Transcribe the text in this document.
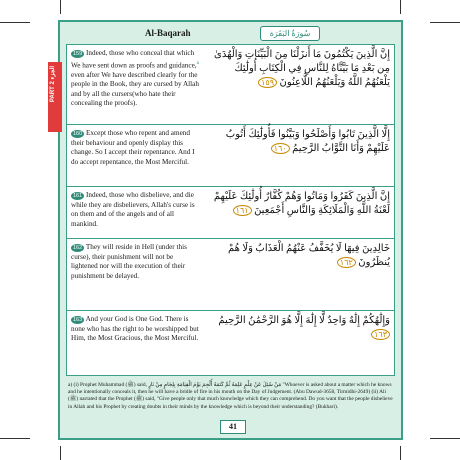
Al-Baqarah	سُورَةُ البَقَرَة
PART 2 الجزء
159 Indeed, those who conceal that which We have sent down as proofs and guidance,$^a$ even after We have described clearly for the people in the Book, they are cursed by Allah and by all the cursers(who hate their concealing the proofs).
إِنَّ الَّذِينَ يَكْتُمُونَ مَا أَنزَلْنَا مِنَ الْبَيِّنَاتِ وَالْهُدَىٰ مِن بَعْدِ مَا بَيَّنَّاهُ لِلنَّاسِ فِي الْكِتَابِ أُولَٰئِكَ يَلْعَنُهُمُ اللَّهُ وَيَلْعَنُهُمُ اللَّاعِنُونَ ١٥٩
160 Except those who repent and amend their behaviour and openly display this change. So I accept their repentance. And I do accept repentance, the Most Merciful.
إِلَّا الَّذِينَ تَابُوا وَأَصْلَحُوا وَبَيَّنُوا فَأُولَٰئِكَ أَتُوبُ عَلَيْهِمْ وَأَنَا التَّوَّابُ الرَّحِيمُ ١٦٠
161 Indeed, those who disbelieve, and die while they are disbelievers, Allah's curse is on them and of the angels and of all mankind.
إِنَّ الَّذِينَ كَفَرُوا وَمَاتُوا وَهُمْ كُفَّارٌ أُولَٰئِكَ عَلَيْهِمْ لَعْنَةُ اللَّهِ وَالْمَلَائِكَةِ وَالنَّاسِ أَجْمَعِينَ ١٦١
162 They will reside in Hell (under this curse), their punishment will not be lightened nor will the execution of their punishment be delayed.
خَالِدِينَ فِيهَا لَا يُخَفَّفُ عَنْهُمُ الْعَذَابُ وَلَا هُمْ يُنظَرُونَ ١٦٢
163 And your God is One God. There is none who has the right to be worshipped but Him, the Most Gracious, the Most Merciful.
وَإِلَٰهُكُمْ إِلَٰهٌ وَاحِدٌ لَّا إِلَٰهَ إِلَّا هُوَ الرَّحْمَٰنُ الرَّحِيمُ ١٦٣
a) (i) Prophet Muhammad (ﷺ) said, مَنْ سُئِلَ عَنْ عِلْمٍ عَلِمَهُ ثُمَّ كَتَمَهُ أُلْجِمَ يَوْمَ الْقِيَامَةِ بِلِجَامٍ مِنْ نَارٍ "Whoever is asked about a matter which he knows and he intentionally conceals it, then he will have a bridle of fire in his mouth on the Day of Judgement. (Abu Dawud-3658, Tirmidhi-2649) (ii) Ali (ﷺ) narrated that the Prophet (ﷺ) said, "Give people only that much knowledge which they can comprehend. Do you want that the people disbelieve in Allah and his Prophet by creating doubts in their minds by the knowledge which is beyond their understanding? (Bukhari).
41
